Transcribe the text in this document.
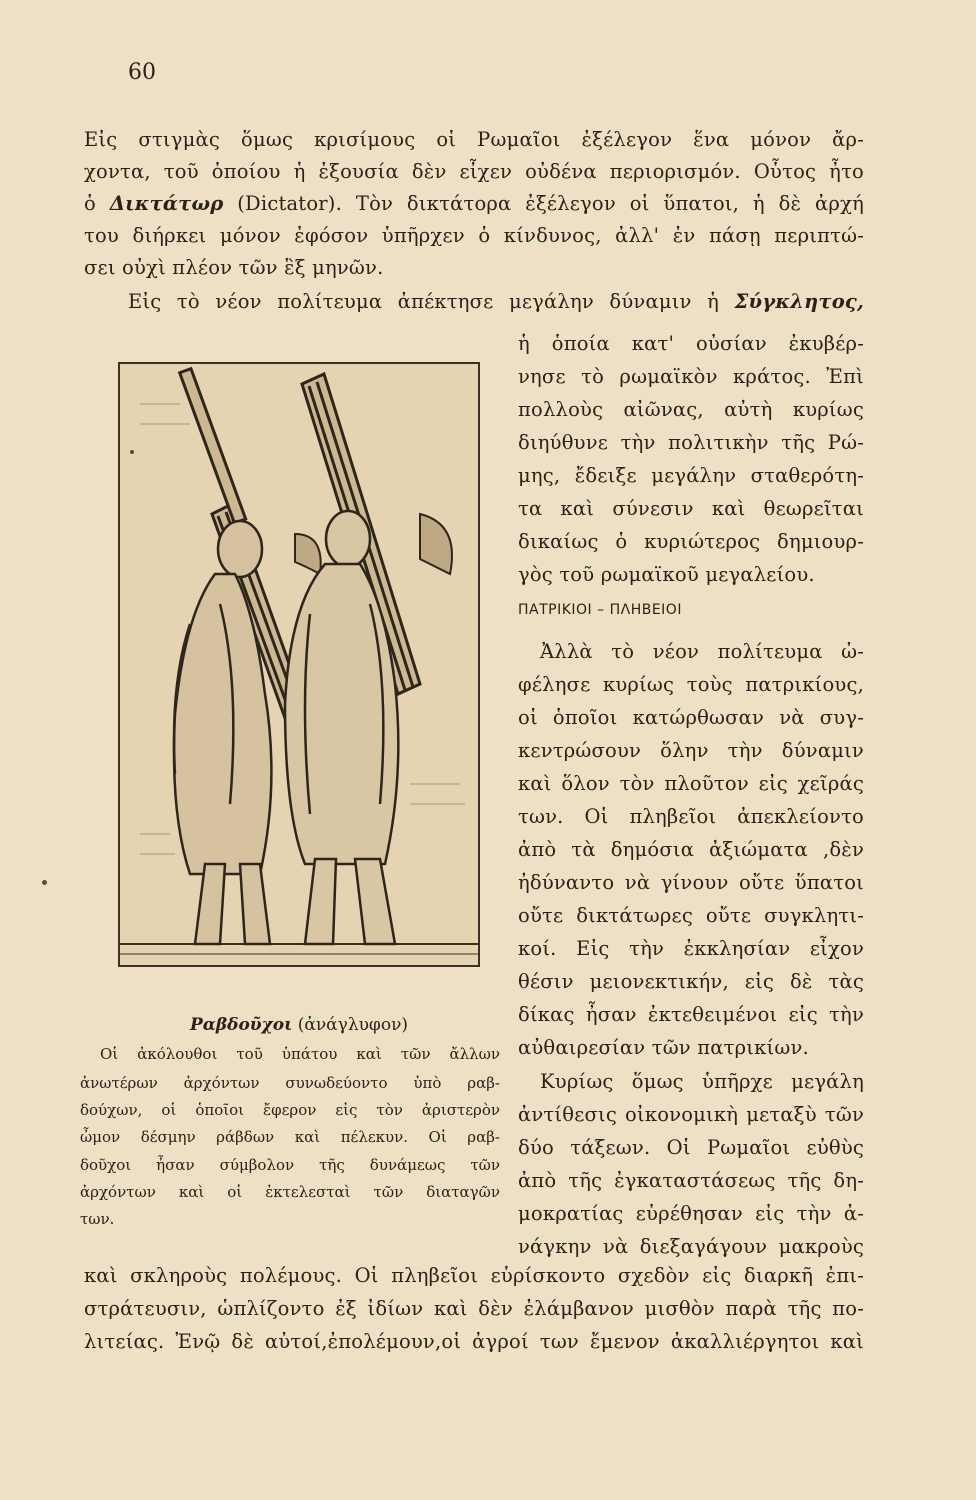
60
Εἰς στιγμὰς ὅμως κρισίμους οἱ Ρωμαῖοι ἐξέλεγον ἕνα μόνον ἄρ-
χοντα, τοῦ ὁποίου ἡ ἐξουσία δὲν εἶχεν οὐδένα περιορισμόν. Οὗτος ἦτο
ὁ Δικτάτωρ (Dictator). Τὸν δικτάτορα ἐξέλεγον οἱ ὕπατοι, ἡ δὲ ἀρχή
του διήρκει μόνον ἐφόσον ὑπῆρχεν ὁ κίνδυνος, ἀλλ' ἐν πάσῃ περιπτώ-
σει οὐχὶ πλέον τῶν ἓξ μηνῶν.
Εἰς τὸ νέον πολίτευμα ἀπέκτησε μεγάλην δύναμιν ἡ Σύγκλητος,
ἡ ὁποία κατ' οὐσίαν ἐκυβέρ-
νησε τὸ ρωμαϊκὸν κράτος. Ἐπὶ
πολλοὺς αἰῶνας, αὐτὴ κυρίως
διηύθυνε τὴν πολιτικὴν τῆς Ρώ-
μης, ἔδειξε μεγάλην σταθερότη-
τα καὶ σύνεσιν καὶ θεωρεῖται
δικαίως ὁ κυριώτερος δημιουρ-
γὸς τοῦ ρωμαϊκοῦ μεγαλείου.
ΠΑΤΡΙΚΙΟΙ – ΠΛΗΒΕΙΟΙ
Ἀλλὰ τὸ νέον πολίτευμα ὠ-
φέλησε κυρίως τοὺς πατρικίους,
οἱ ὁποῖοι κατώρθωσαν νὰ συγ-
κεντρώσουν ὅλην τὴν δύναμιν
καὶ ὅλον τὸν πλοῦτον εἰς χεῖράς
των. Οἱ πληβεῖοι ἀπεκλείοντο
ἀπὸ τὰ δημόσια ἀξιώματα ,δὲν
ἠδύναντο νὰ γίνουν οὔτε ὕπατοι
οὔτε δικτάτωρες οὔτε συγκλητι-
κοί. Εἰς τὴν ἐκκλησίαν εἶχον
θέσιν μειονεκτικήν, εἰς δὲ τὰς
δίκας ἦσαν ἐκτεθειμένοι εἰς τὴν
αὐθαιρεσίαν τῶν πατρικίων.
Κυρίως ὅμως ὑπῆρχε μεγάλη
ἀντίθεσις οἰκονομικὴ μεταξὺ τῶν
δύο τάξεων. Οἱ Ρωμαῖοι εὐθὺς
ἀπὸ τῆς ἐγκαταστάσεως τῆς δη-
μοκρατίας εὑρέθησαν εἰς τὴν ἀ-
νάγκην νὰ διεξαγάγουν μακροὺς
Ραβδοῦχοι (ἀνάγλυφον)
Οἱ ἀκόλουθοι τοῦ ὑπάτου καὶ τῶν ἄλλων
ἀνωτέρων ἀρχόντων συνωδεύοντο ὑπὸ ραβ-
δούχων, οἱ ὁποῖοι ἔφερον εἰς τὸν ἀριστερὸν
ὦμον δέσμην ράβδων καὶ πέλεκυν. Οἱ ραβ-
δοῦχοι ἦσαν σύμβολον τῆς δυνάμεως τῶν
ἀρχόντων καὶ οἱ ἐκτελεσταὶ τῶν διαταγῶν
των.
καὶ σκληροὺς πολέμους. Οἱ πληβεῖοι εὑρίσκοντο σχεδὸν εἰς διαρκῆ ἐπι-
στράτευσιν, ὡπλίζοντο ἐξ ἰδίων καὶ δὲν ἐλάμβανον μισθὸν παρὰ τῆς πο-
λιτείας. Ἐνῷ δὲ αὐτοί,ἐπολέμουν,οἱ ἀγροί των ἔμενον ἀκαλλιέργητοι καὶ
